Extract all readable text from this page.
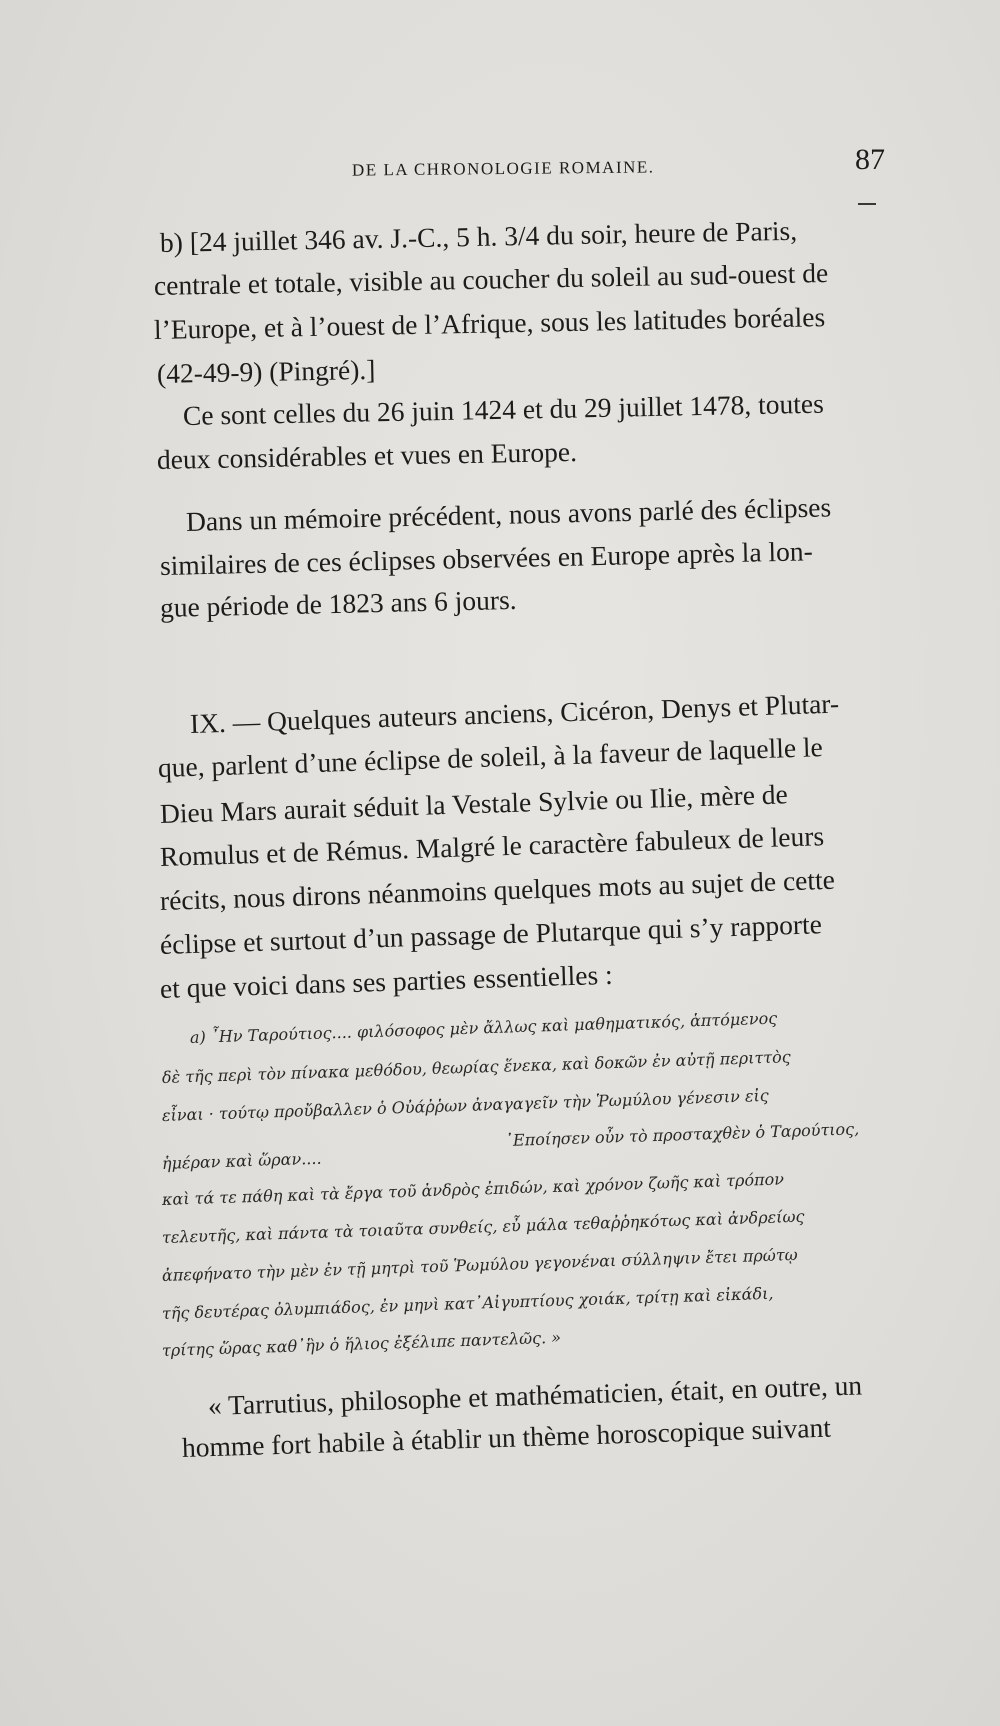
DE LA CHRONOLOGIE ROMAINE.	87
b) [24 juillet 346 av. J.-C., 5 h. 3/4 du soir, heure de Paris,
centrale et totale, visible au coucher du soleil au sud-ouest de
l’Europe, et à l’ouest de l’Afrique, sous les latitudes boréales
(42-49-9) (Pingré).]
Ce sont celles du 26 juin 1424 et du 29 juillet 1478, toutes
deux considérables et vues en Europe.
Dans un mémoire précédent, nous avons parlé des éclipses
similaires de ces éclipses observées en Europe après la lon-
gue période de 1823 ans 6 jours.
IX. — Quelques auteurs anciens, Cicéron, Denys et Plutar-
que, parlent d’une éclipse de soleil, à la faveur de laquelle le
Dieu Mars aurait séduit la Vestale Sylvie ou Ilie, mère de
Romulus et de Rémus. Malgré le caractère fabuleux de leurs
récits, nous dirons néanmoins quelques mots au sujet de cette
éclipse et surtout d’un passage de Plutarque qui s’y rapporte
et que voici dans ses parties essentielles :
a) ῏Ην Ταρούτιος.... φιλόσοφος μὲν ἄλλως καὶ μαθηματικός, ἁπτόμενος
δὲ τῆς περὶ τὸν πίνακα μεθόδου, θεωρίας ἕνεκα, καὶ δοκῶν ἐν αὐτῇ περιττὸς
εἶναι · τούτῳ προὔβαλλεν ὁ Οὐάῤῥων ἀναγαγεῖν τὴν Ῥωμύλου γένεσιν εἰς
ἡμέραν καὶ ὥραν....
᾿Εποίησεν οὖν τὸ προσταχθὲν ὁ Ταρούτιος,
καὶ τά τε πάθη καὶ τὰ ἔργα τοῦ ἀνδρὸς ἐπιδών, καὶ χρόνον ζωῆς καὶ τρόπον
τελευτῆς, καὶ πάντα τὰ τοιαῦτα συνθείς, εὖ μάλα τεθαῤῥηκότως καὶ ἀνδρείως
ἀπεφήνατο τὴν μὲν ἐν τῇ μητρὶ τοῦ Ῥωμύλου γεγονέναι σύλληψιν ἔτει πρώτῳ
τῆς δευτέρας ὀλυμπιάδος, ἐν μηνὶ κατ᾿Αἰγυπτίους χοιάκ, τρίτῃ καὶ εἰκάδι,
τρίτης ὥρας καθ᾿ἣν ὁ ἥλιος ἐξέλιπε παντελῶς. »
« Tarrutius, philosophe et mathématicien, était, en outre, un
homme fort habile à établir un thème horoscopique suivant
